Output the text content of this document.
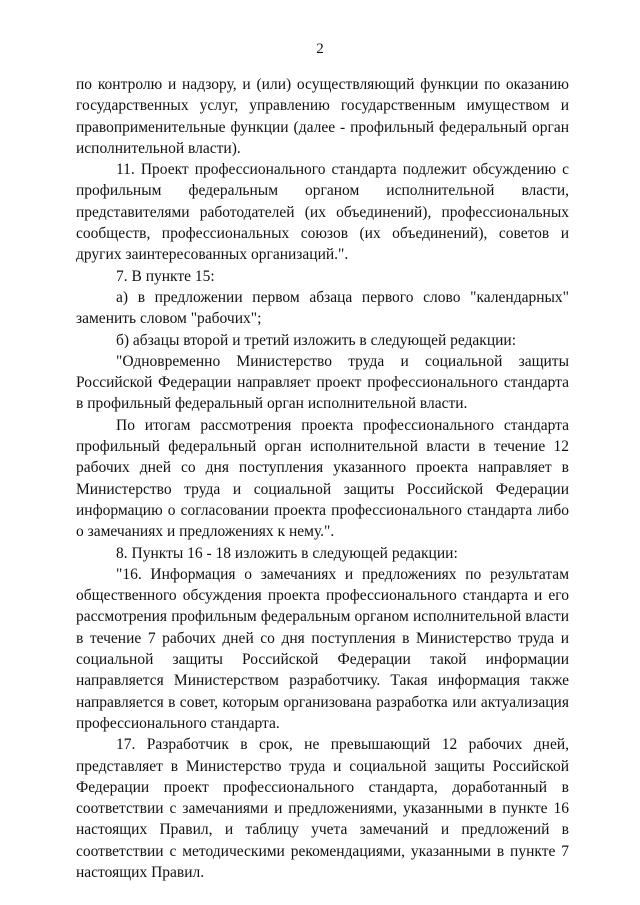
2

по контролю и надзору, и (или) осуществляющий функции по оказанию государственных услуг, управлению государственным имуществом и правоприменительные функции (далее - профильный федеральный орган исполнительной власти).

11. Проект профессионального стандарта подлежит обсуждению с профильным федеральным органом исполнительной власти, представителями работодателей (их объединений), профессиональных сообществ, профессиональных союзов (их объединений), советов и других заинтересованных организаций.".

7. В пункте 15:

а) в предложении первом абзаца первого слово "календарных" заменить словом "рабочих";

б) абзацы второй и третий изложить в следующей редакции:

"Одновременно Министерство труда и социальной защиты Российской Федерации направляет проект профессионального стандарта в профильный федеральный орган исполнительной власти.

По итогам рассмотрения проекта профессионального стандарта профильный федеральный орган исполнительной власти в течение 12 рабочих дней со дня поступления указанного проекта направляет в Министерство труда и социальной защиты Российской Федерации информацию о согласовании проекта профессионального стандарта либо о замечаниях и предложениях к нему.".

8. Пункты 16 - 18 изложить в следующей редакции:

"16. Информация о замечаниях и предложениях по результатам общественного обсуждения проекта профессионального стандарта и его рассмотрения профильным федеральным органом исполнительной власти в течение 7 рабочих дней со дня поступления в Министерство труда и социальной защиты Российской Федерации такой информации направляется Министерством разработчику. Такая информация также направляется в совет, которым организована разработка или актуализация профессионального стандарта.

17. Разработчик в срок, не превышающий 12 рабочих дней, представляет в Министерство труда и социальной защиты Российской Федерации проект профессионального стандарта, доработанный в соответствии с замечаниями и предложениями, указанными в пункте 16 настоящих Правил, и таблицу учета замечаний и предложений в соответствии с методическими рекомендациями, указанными в пункте 7 настоящих Правил.
